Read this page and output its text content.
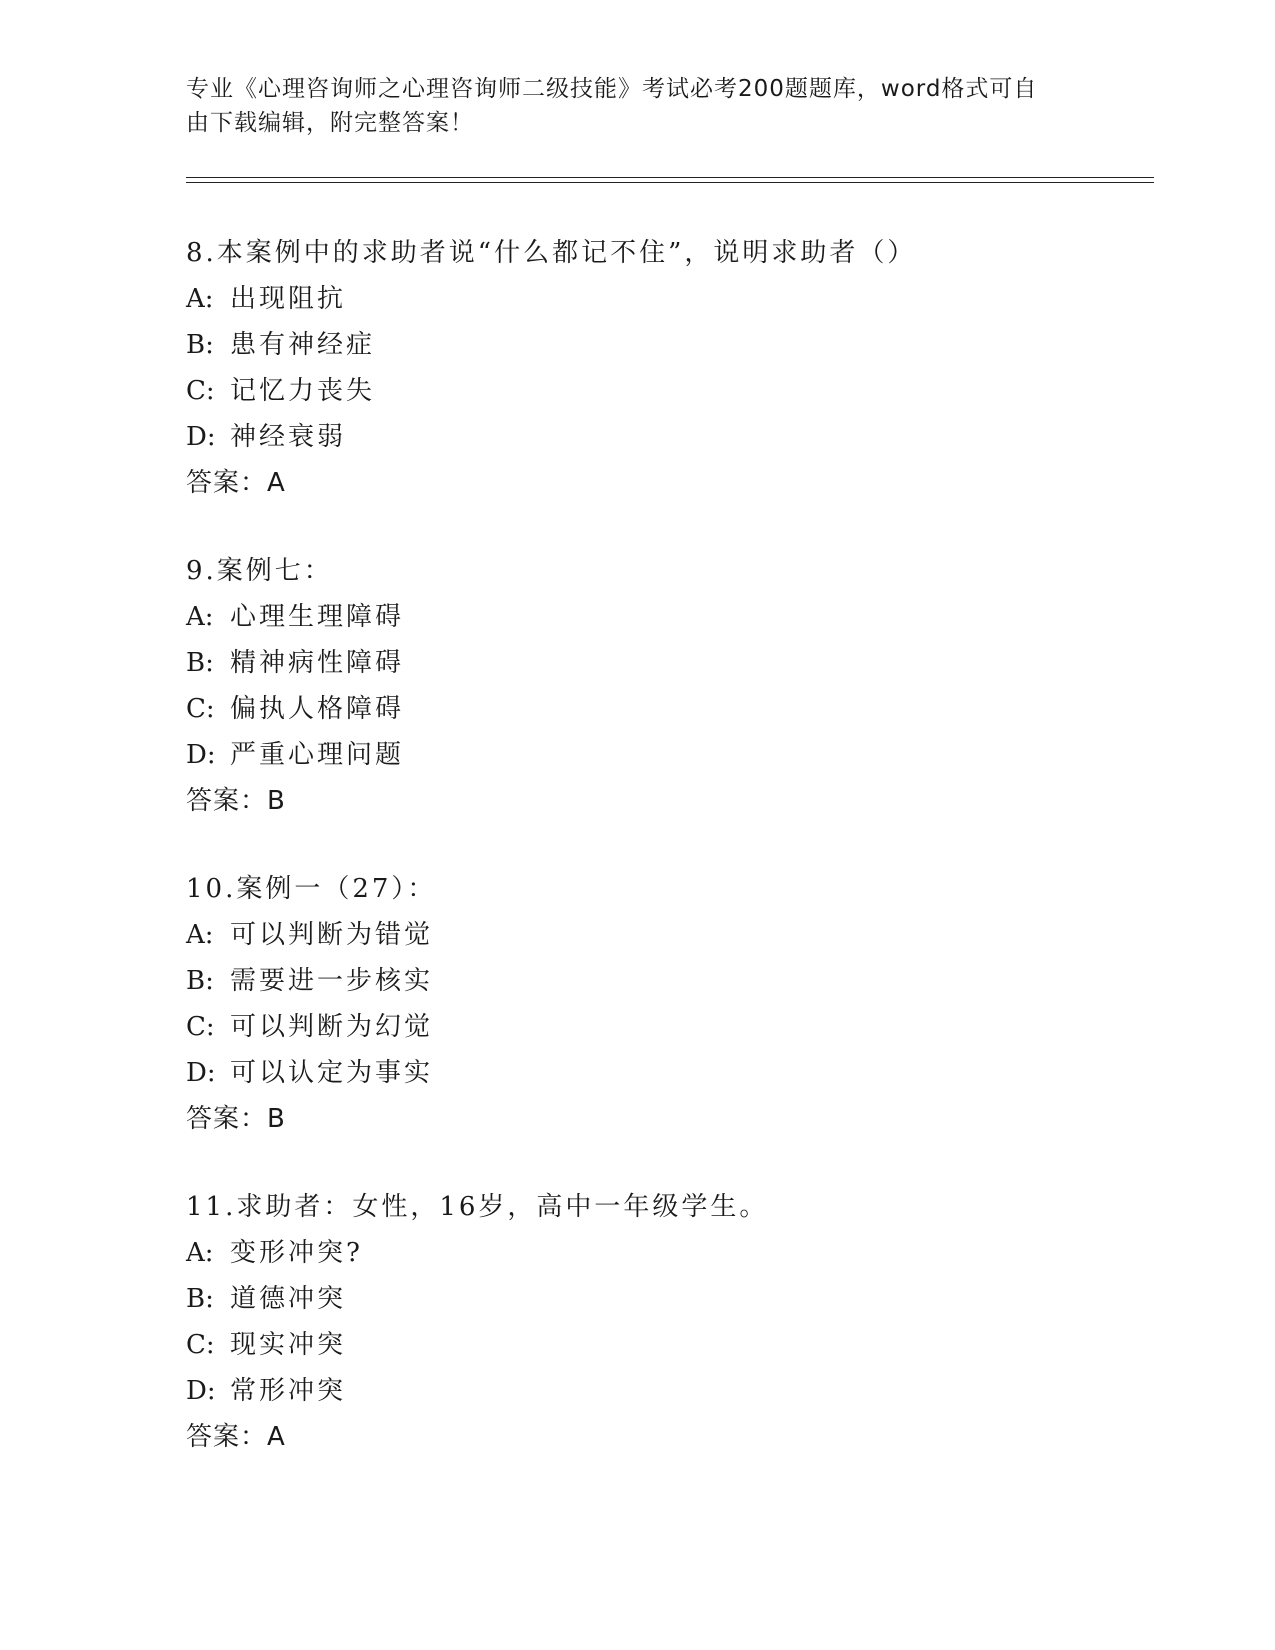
专业《心理咨询师之心理咨询师二级技能》考试必考200题题库，word格式可自
由下载编辑，附完整答案！
8.本案例中的求助者说“什么都记不住”，说明求助者（）
A: 出现阻抗
B: 患有神经症
C: 记忆力丧失
D: 神经衰弱
答案：A
9.案例七：
A: 心理生理障碍
B: 精神病性障碍
C: 偏执人格障碍
D: 严重心理问题
答案：B
10.案例一（27）：
A: 可以判断为错觉
B: 需要进一步核实
C: 可以判断为幻觉
D: 可以认定为事实
答案：B
11.求助者：女性，16岁，高中一年级学生。
A: 变形冲突?
B: 道德冲突
C: 现实冲突
D: 常形冲突
答案：A
